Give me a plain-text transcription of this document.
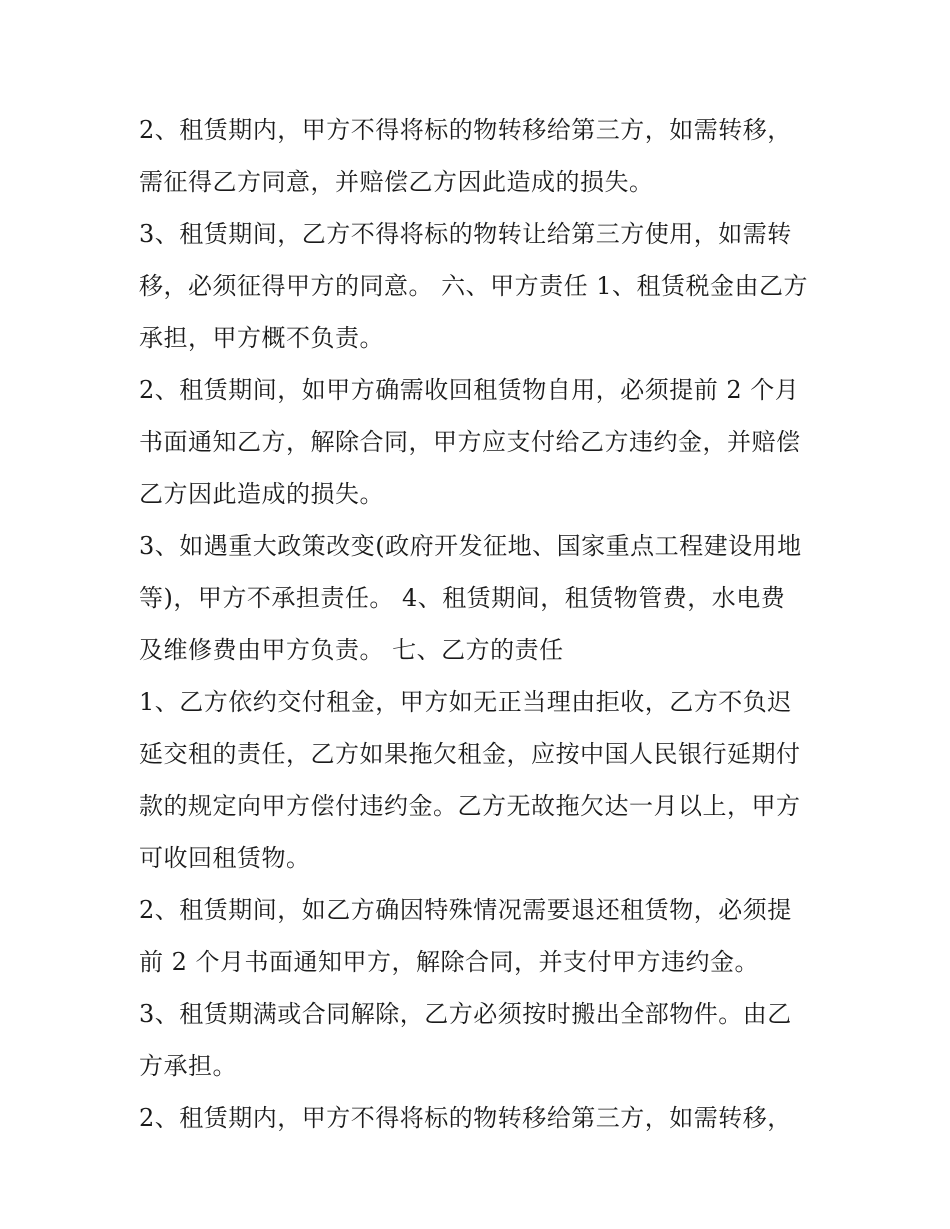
2、租赁期内，甲方不得将标的物转移给第三方，如需转移，
需征得乙方同意，并赔偿乙方因此造成的损失。
3、租赁期间，乙方不得将标的物转让给第三方使用，如需转
移，必须征得甲方的同意。 六、甲方责任 1、租赁税金由乙方
承担，甲方概不负责。
2、租赁期间，如甲方确需收回租赁物自用，必须提前 2 个月
书面通知乙方，解除合同，甲方应支付给乙方违约金，并赔偿
乙方因此造成的损失。
3、如遇重大政策改变(政府开发征地、国家重点工程建设用地
等)，甲方不承担责任。 4、租赁期间，租赁物管费，水电费
及维修费由甲方负责。 七、乙方的责任
1、乙方依约交付租金，甲方如无正当理由拒收，乙方不负迟
延交租的责任，乙方如果拖欠租金，应按中国人民银行延期付
款的规定向甲方偿付违约金。乙方无故拖欠达一月以上，甲方
可收回租赁物。
2、租赁期间，如乙方确因特殊情况需要退还租赁物，必须提
前 2 个月书面通知甲方，解除合同，并支付甲方违约金。
3、租赁期满或合同解除，乙方必须按时搬出全部物件。由乙
方承担。
2、租赁期内，甲方不得将标的物转移给第三方，如需转移，
